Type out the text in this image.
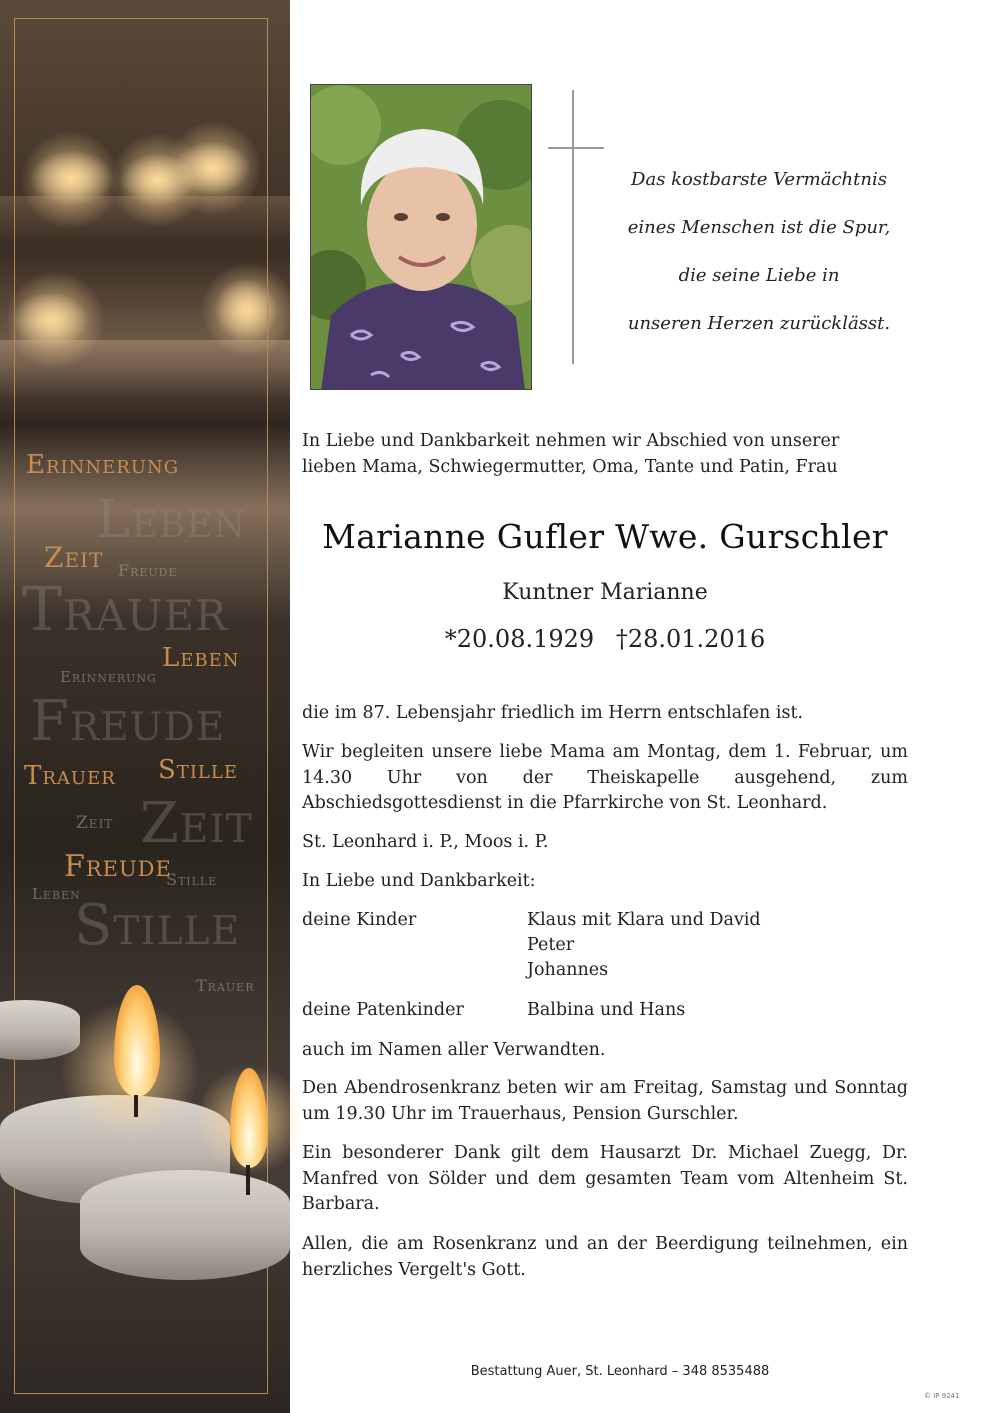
Erinnerung
Leben
Zeit Freude
Trauer
Leben
Erinnerung
Freude
Trauer Stille
Zeit Zeit
Freude
Stille
Leben
Stille
Trauer
Das kostbarste Vermächtnis
eines Menschen ist die Spur,
die seine Liebe in
unseren Herzen zurücklässt.
In Liebe und Dankbarkeit nehmen wir Abschied von unserer
lieben Mama, Schwiegermutter, Oma, Tante und Patin, Frau
Marianne Gufler Wwe. Gurschler
Kuntner Marianne
*20.08.1929 †28.01.2016
die im 87. Lebensjahr friedlich im Herrn entschlafen ist.
Wir begleiten unsere liebe Mama am Montag, dem 1. Februar, um 14.30 Uhr von der Theiskapelle ausgehend, zum Abschiedsgottesdienst in die Pfarrkirche von St. Leonhard.
St. Leonhard i. P., Moos i. P.
In Liebe und Dankbarkeit:
deine Kinder	Klaus mit Klara und David
Peter
Johannes
deine Patenkinder	Balbina und Hans
auch im Namen aller Verwandten.
Den Abendrosenkranz beten wir am Freitag, Samstag und Sonntag um 19.30 Uhr im Trauerhaus, Pension Gurschler.
Ein besonderer Dank gilt dem Hausarzt Dr. Michael Zuegg, Dr. Manfred von Sölder und dem gesamten Team vom Altenheim St. Barbara.
Allen, die am Rosenkranz und an der Beerdigung teilnehmen, ein herzliches Vergelt's Gott.
Bestattung Auer, St. Leonhard – 348 8535488
© IP 9241
